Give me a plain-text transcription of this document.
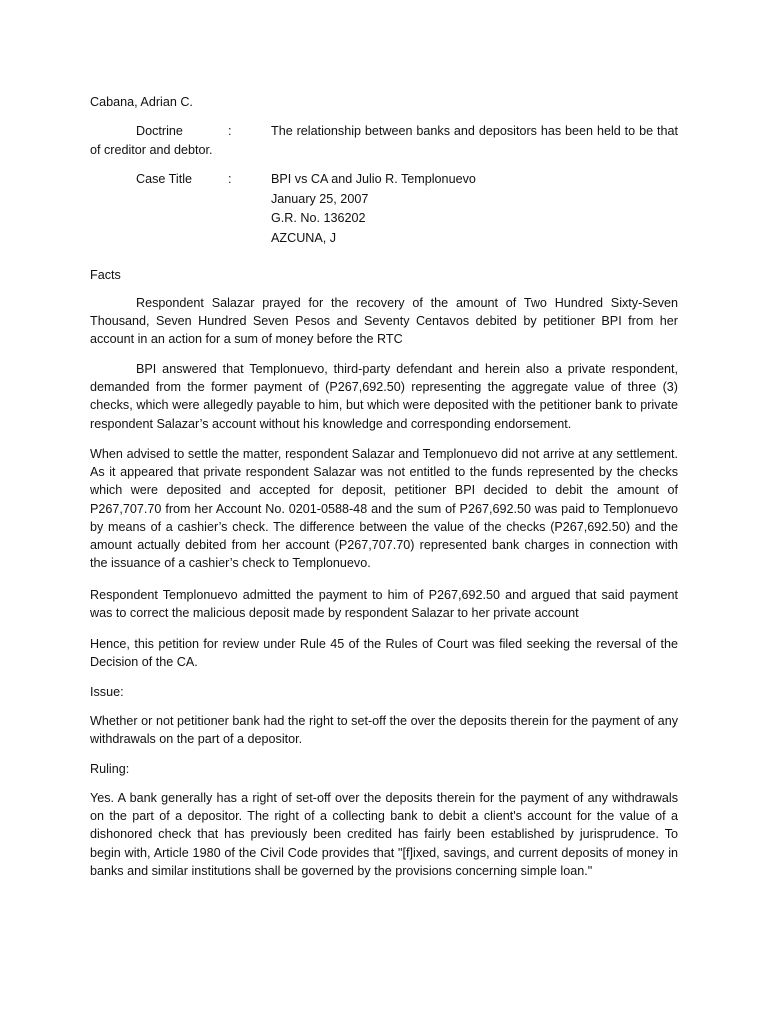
Cabana, Adrian C.
Doctrine	:	The relationship between banks and depositors has been held to be that
of creditor and debtor.
Case Title	:	BPI vs CA and Julio R. Templonuevo
January 25, 2007
G.R. No. 136202
AZCUNA, J
Facts

Respondent Salazar prayed for the recovery of the amount of Two Hundred Sixty-Seven Thousand, Seven Hundred Seven Pesos and Seventy Centavos debited by petitioner BPI from her account in an action for a sum of money before the RTC

BPI answered that Templonuevo, third-party defendant and herein also a private respondent, demanded from the former payment of (P267,692.50) representing the aggregate value of three (3) checks, which were allegedly payable to him, but which were deposited with the petitioner bank to private respondent Salazar’s account without his knowledge and corresponding endorsement.

When advised to settle the matter, respondent Salazar and Templonuevo did not arrive at any settlement. As it appeared that private respondent Salazar was not entitled to the funds represented by the checks which were deposited and accepted for deposit, petitioner BPI decided to debit the amount of P267,707.70 from her Account No. 0201-0588-48 and the sum of P267,692.50 was paid to Templonuevo by means of a cashier’s check. The difference between the value of the checks (P267,692.50) and the amount actually debited from her account (P267,707.70) represented bank charges in connection with the issuance of a cashier’s check to Templonuevo.

Respondent Templonuevo admitted the payment to him of P267,692.50 and argued that said payment was to correct the malicious deposit made by respondent Salazar to her private account

Hence, this petition for review under Rule 45 of the Rules of Court was filed seeking the reversal of the Decision of the CA.

Issue:

Whether or not petitioner bank had the right to set-off the over the deposits therein for the payment of any withdrawals on the part of a depositor.

Ruling:

Yes. A bank generally has a right of set-off over the deposits therein for the payment of any withdrawals on the part of a depositor. The right of a collecting bank to debit a client's account for the value of a dishonored check that has previously been credited has fairly been established by jurisprudence. To begin with, Article 1980 of the Civil Code provides that "[f]ixed, savings, and current deposits of money in banks and similar institutions shall be governed by the provisions concerning simple loan."
